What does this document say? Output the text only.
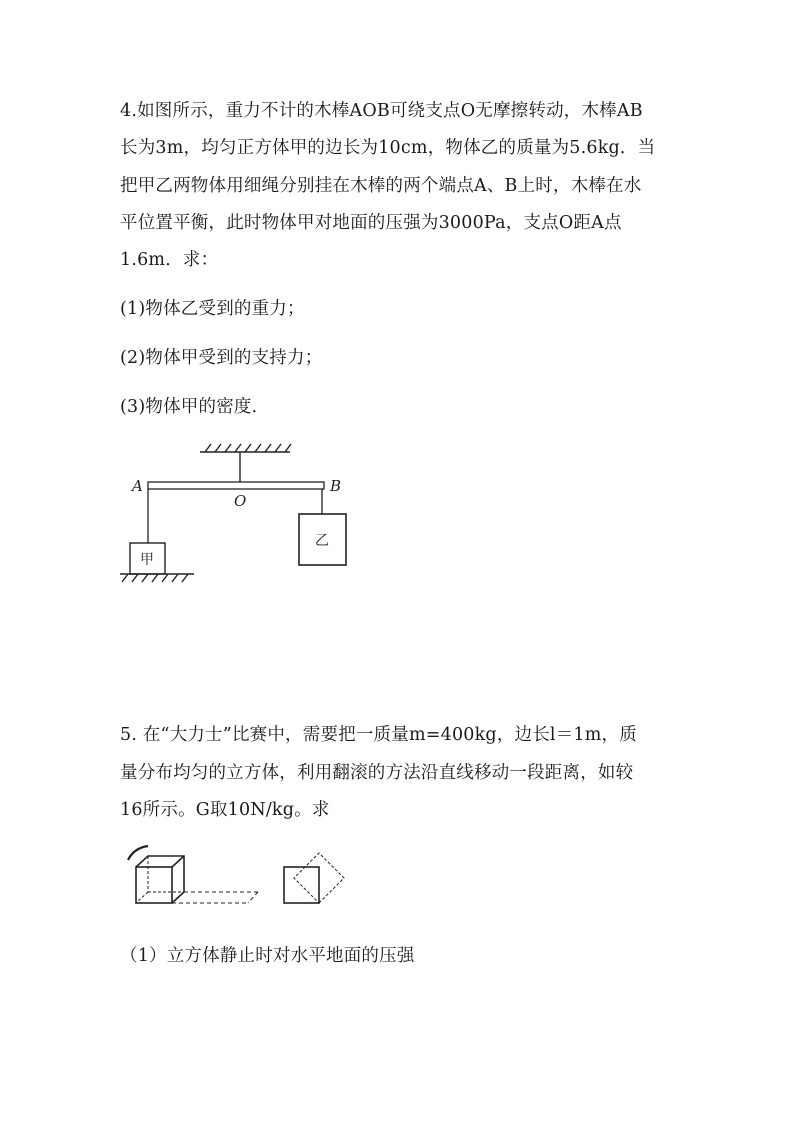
4.如图所示，重力不计的木棒AOB可绕支点O无摩擦转动，木棒AB
长为3m，均匀正方体甲的边长为10cm，物体乙的质量为5.6kg．当
把甲乙两物体用细绳分别挂在木棒的两个端点A、B上时，木棒在水
平位置平衡，此时物体甲对地面的压强为3000Pa，支点O距A点
1.6m．求：
(1)物体乙受到的重力；
(2)物体甲受到的支持力；
(3)物体甲的密度．
A	B
O
甲
乙
5. 在“大力士”比赛中，需要把一质量m=400kg，边长l＝1m，质
量分布均匀的立方体，利用翻滚的方法沿直线移动一段距离，如较
16所示。G取10N/kg。求
（1）立方体静止时对水平地面的压强
